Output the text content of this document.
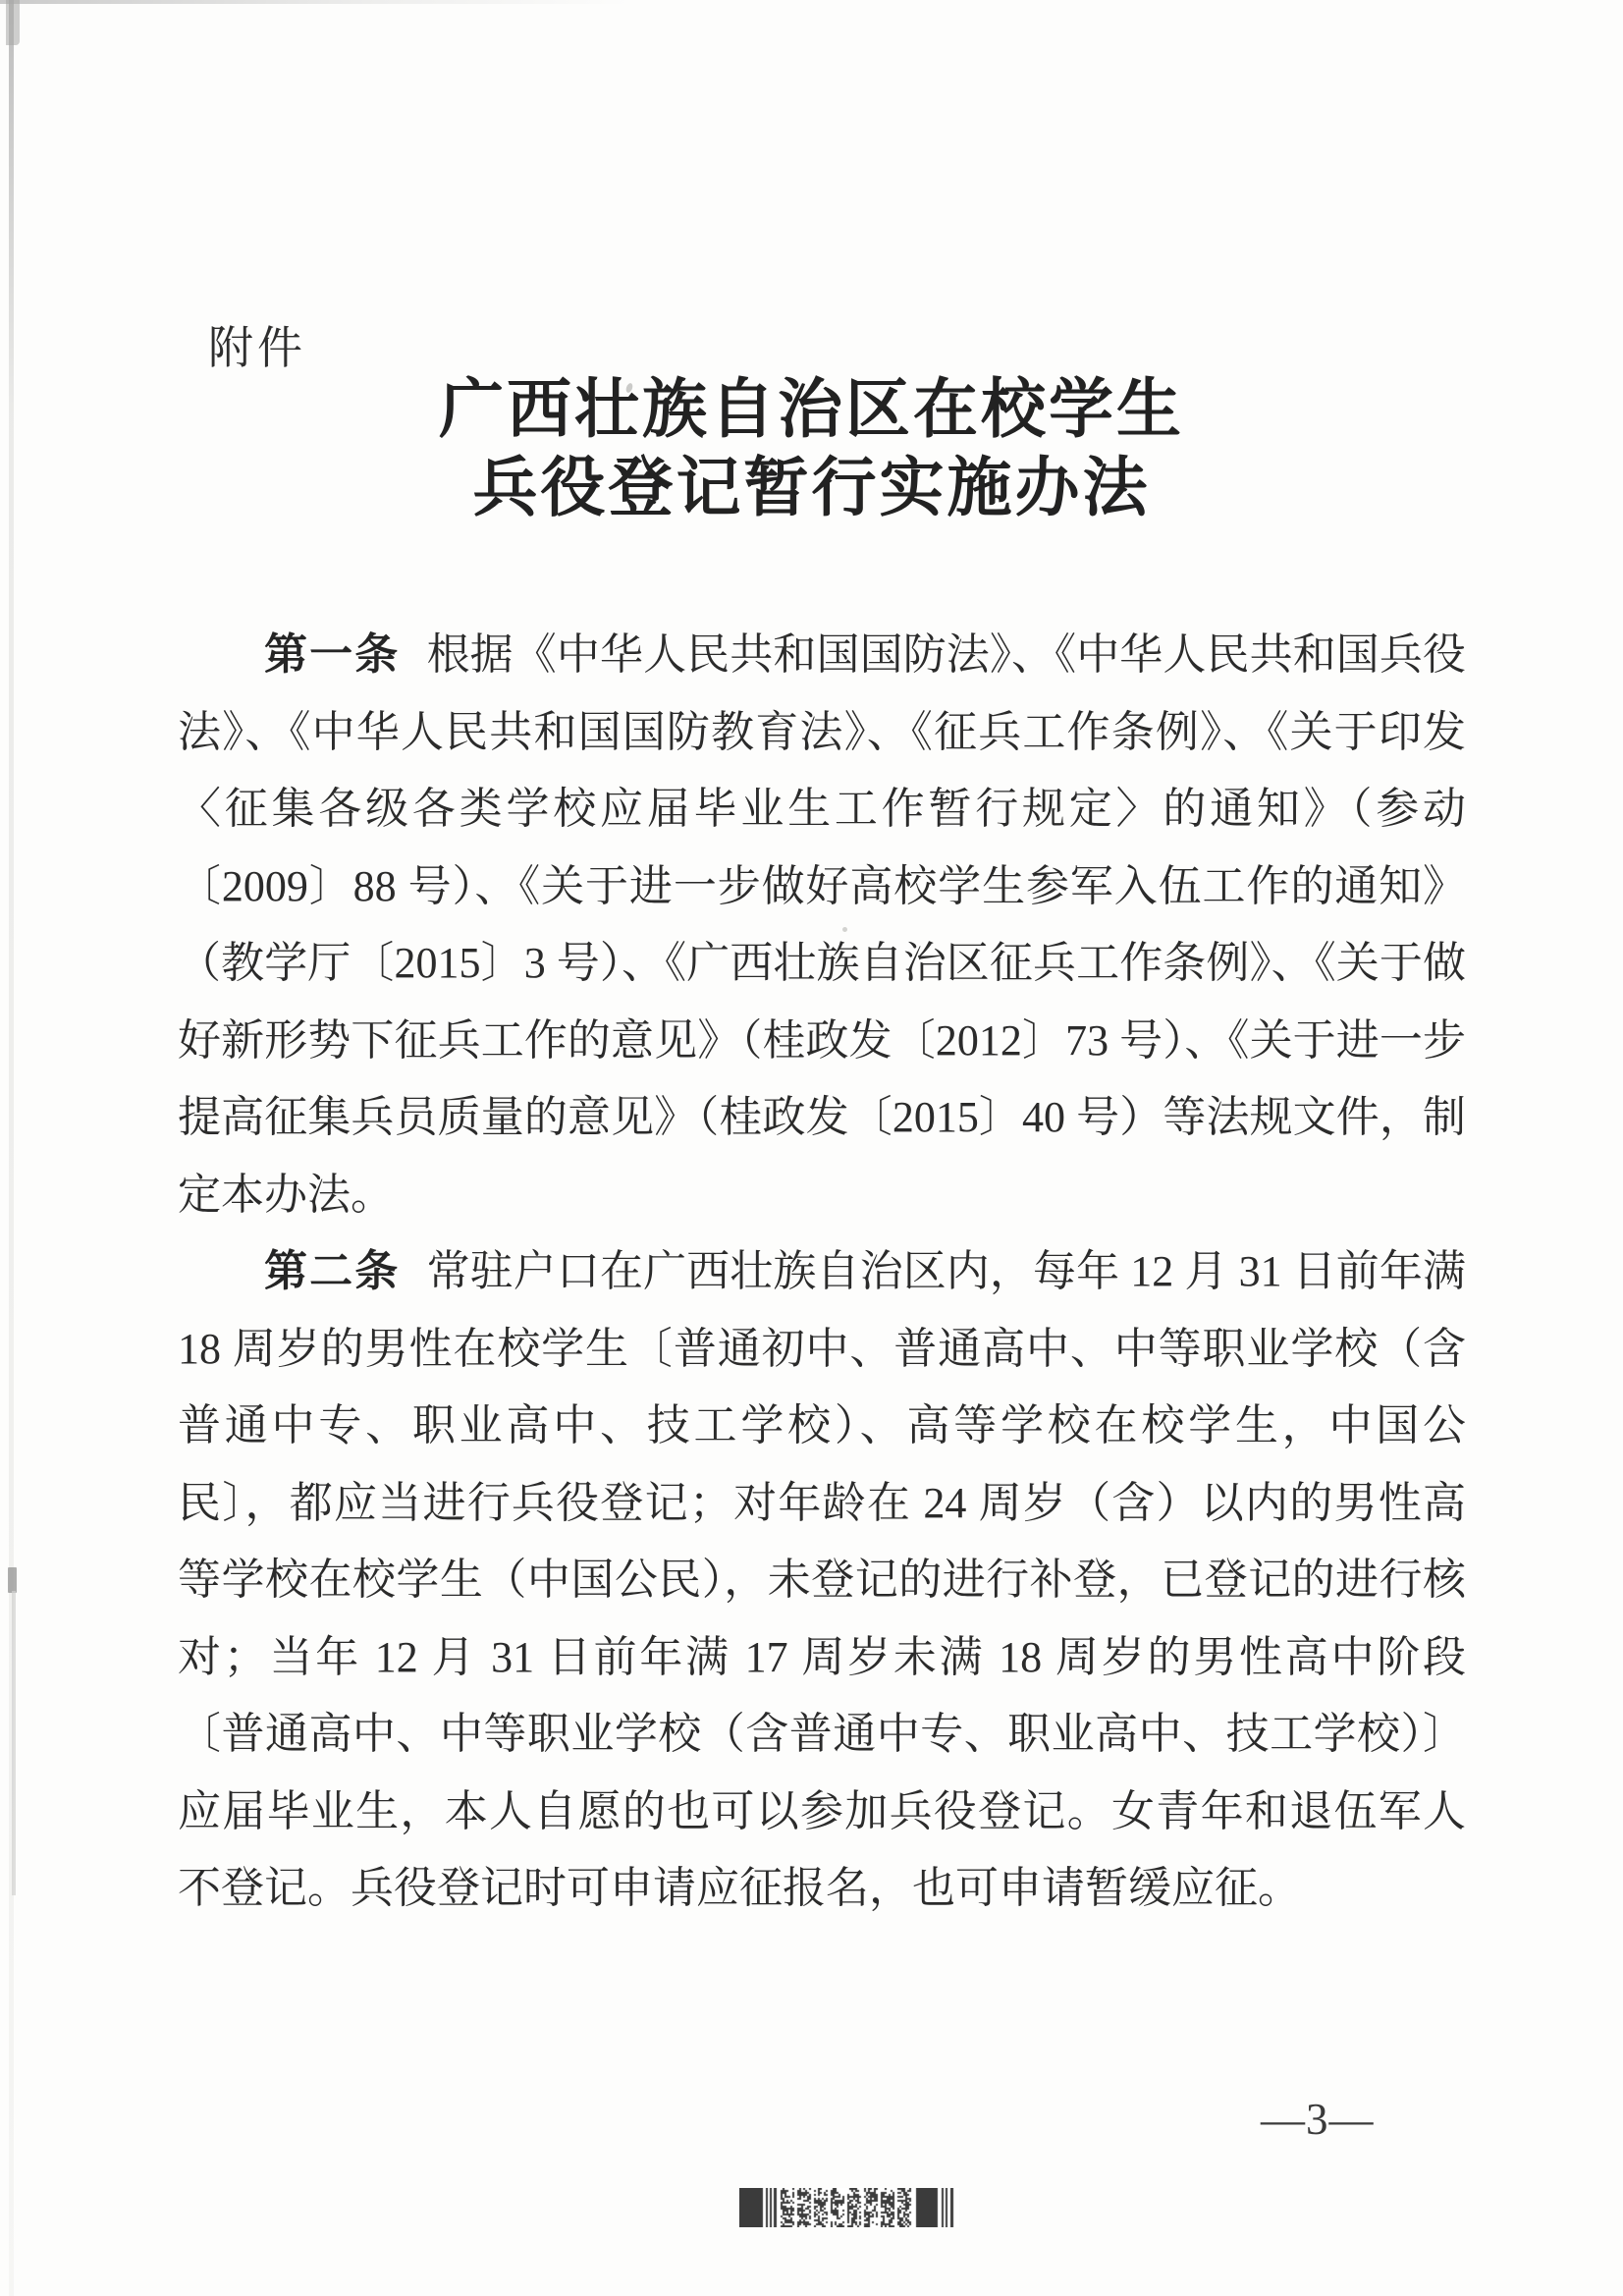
附件
广西壮族自治区在校学生
兵役登记暂行实施办法

第一条 根据《中华人民共和国国防法》、《中华人民共和国兵役法》、《中华人民共和国国防教育法》、《征兵工作条例》、《关于印发〈征集各级各类学校应届毕业生工作暂行规定〉的通知》（参动〔2009〕88 号）、《关于进一步做好高校学生参军入伍工作的通知》（教学厅〔2015〕3 号）、《广西壮族自治区征兵工作条例》、《关于做好新形势下征兵工作的意见》（桂政发〔2012〕73 号）、《关于进一步提高征集兵员质量的意见》（桂政发〔2015〕40 号）等法规文件，制定本办法。

第二条 常驻户口在广西壮族自治区内，每年 12 月 31 日前年满 18 周岁的男性在校学生〔普通初中、普通高中、中等职业学校（含普通中专、职业高中、技工学校）、高等学校在校学生，中国公民〕，都应当进行兵役登记；对年龄在 24 周岁（含）以内的男性高等学校在校学生（中国公民），未登记的进行补登，已登记的进行核对；当年 12 月 31 日前年满 17 周岁未满 18 周岁的男性高中阶段〔普通高中、中等职业学校（含普通中专、职业高中、技工学校）〕应届毕业生，本人自愿的也可以参加兵役登记。女青年和退伍军人不登记。兵役登记时可申请应征报名，也可申请暂缓应征。

—3—
